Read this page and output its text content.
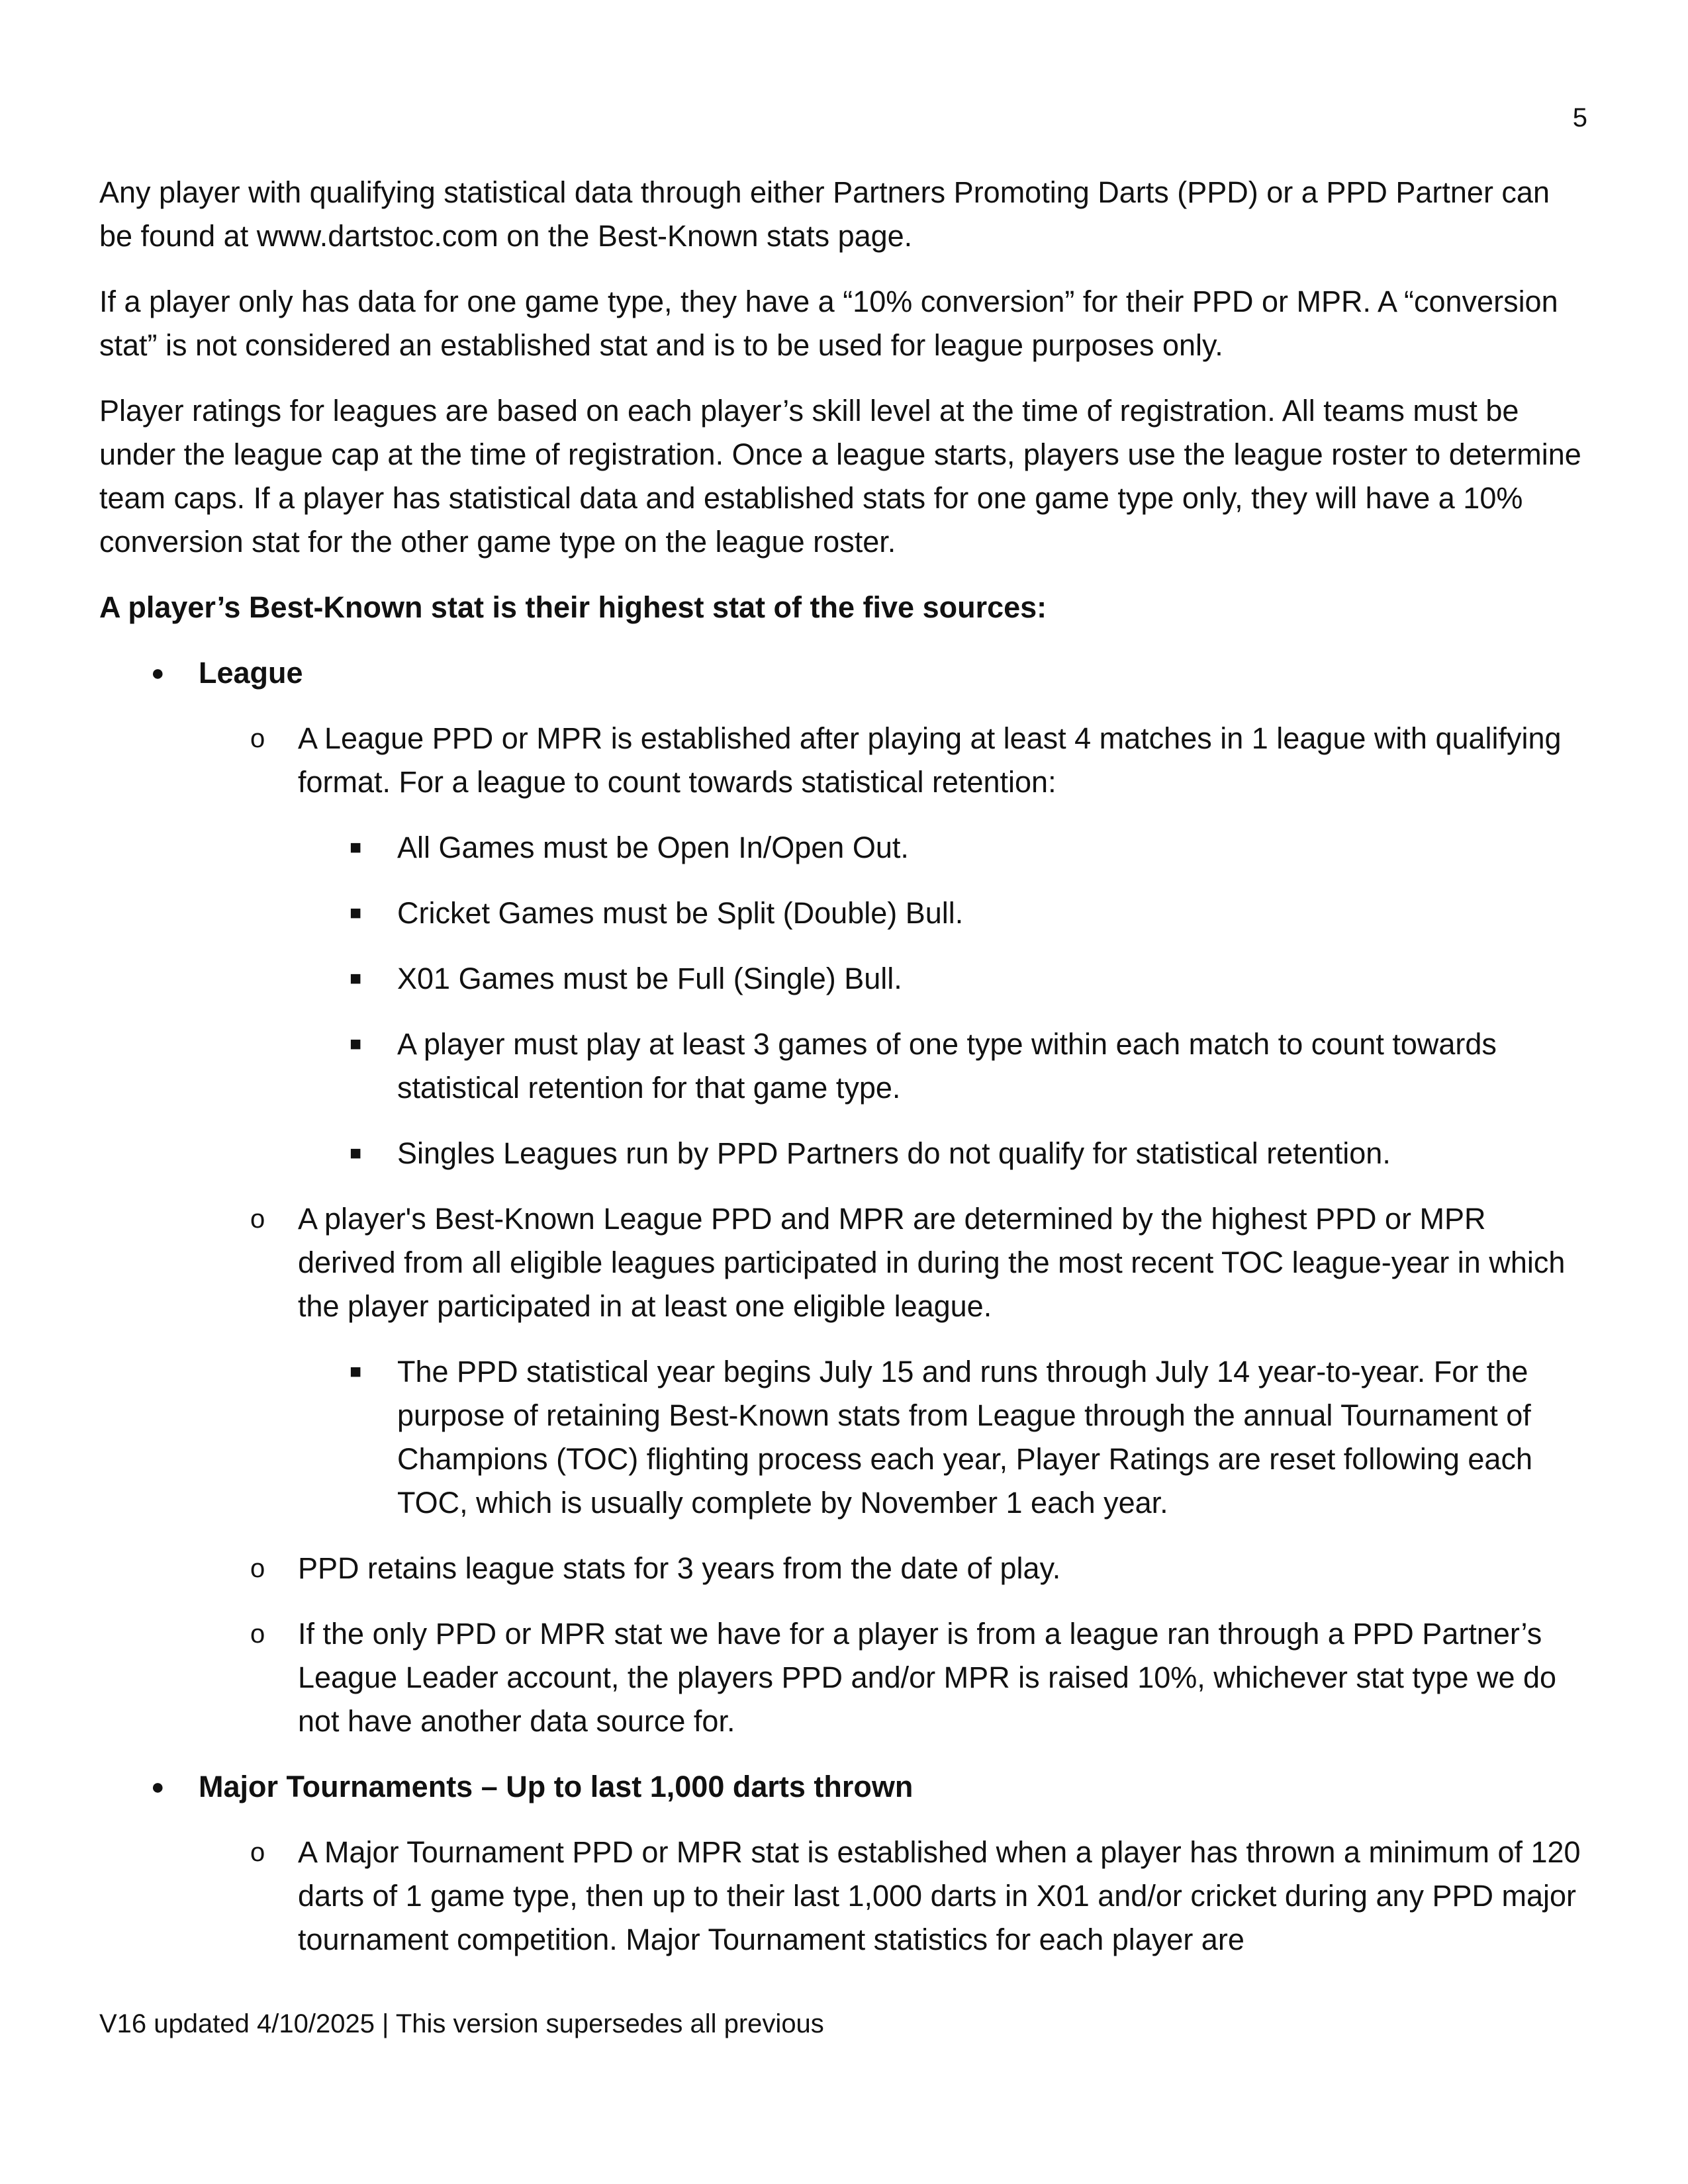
5

Any player with qualifying statistical data through either Partners Promoting Darts (PPD) or a PPD Partner can be found at www.dartstoc.com on the Best-Known stats page.

If a player only has data for one game type, they have a “10% conversion” for their PPD or MPR. A “conversion stat” is not considered an established stat and is to be used for league purposes only.

Player ratings for leagues are based on each player’s skill level at the time of registration. All teams must be under the league cap at the time of registration. Once a league starts, players use the league roster to determine team caps. If a player has statistical data and established stats for one game type only, they will have a 10% conversion stat for the other game type on the league roster.

A player’s Best-Known stat is their highest stat of the five sources:

● League
o A League PPD or MPR is established after playing at least 4 matches in 1 league with qualifying format. For a league to count towards statistical retention:
■ All Games must be Open In/Open Out.
■ Cricket Games must be Split (Double) Bull.
■ X01 Games must be Full (Single) Bull.
■ A player must play at least 3 games of one type within each match to count towards statistical retention for that game type.
■ Singles Leagues run by PPD Partners do not qualify for statistical retention.
o A player's Best-Known League PPD and MPR are determined by the highest PPD or MPR derived from all eligible leagues participated in during the most recent TOC league-year in which the player participated in at least one eligible league.
■ The PPD statistical year begins July 15 and runs through July 14 year-to-year. For the purpose of retaining Best-Known stats from League through the annual Tournament of Champions (TOC) flighting process each year, Player Ratings are reset following each TOC, which is usually complete by November 1 each year.
o PPD retains league stats for 3 years from the date of play.
o If the only PPD or MPR stat we have for a player is from a league ran through a PPD Partner’s League Leader account, the players PPD and/or MPR is raised 10%, whichever stat type we do not have another data source for.
● Major Tournaments – Up to last 1,000 darts thrown
o A Major Tournament PPD or MPR stat is established when a player has thrown a minimum of 120 darts of 1 game type, then up to their last 1,000 darts in X01 and/or cricket during any PPD major tournament competition. Major Tournament statistics for each player are
V16 updated 4/10/2025 | This version supersedes all previous
